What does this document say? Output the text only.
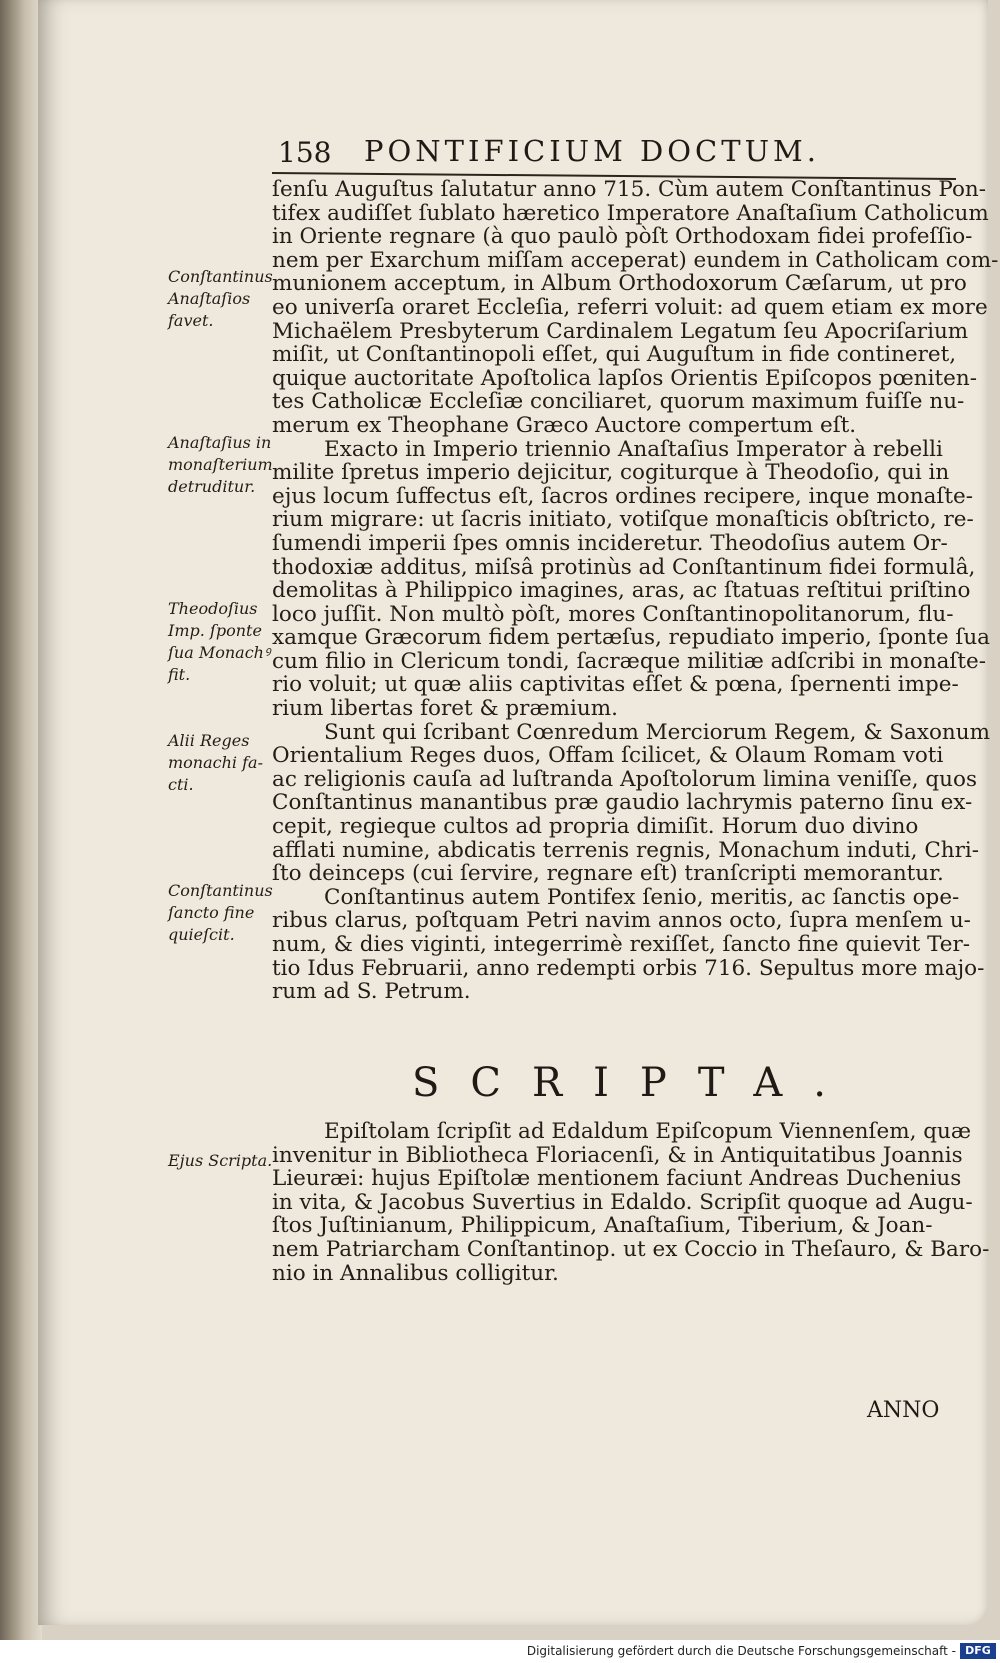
158 PONTIFICIUM DOCTUM.
ſenſu Auguſtus ſalutatur anno 715. Cùm autem Conſtantinus Pon-
tifex audiſſet ſublato hæretico Imperatore Anaſtaſium Catholicum
in Oriente regnare (à quo paulò pòſt Orthodoxam fidei profeſſio-
nem per Exarchum miſſam acceperat) eundem in Catholicam com-
munionem acceptum, in Album Orthodoxorum Cæſarum, ut pro
eo univerſa oraret Eccleſia, referri voluit: ad quem etiam ex more
Michaëlem Presbyterum Cardinalem Legatum ſeu Apocriſarium
miſit, ut Conſtantinopoli eſſet, qui Auguſtum in fide contineret,
quique auctoritate Apoſtolica lapſos Orientis Epiſcopos pœniten-
tes Catholicæ Eccleſiæ conciliaret, quorum maximum fuiſſe nu-
merum ex Theophane Græco Auctore compertum eſt.
Exacto in Imperio triennio Anaſtaſius Imperator à rebelli
milite ſpretus imperio dejicitur, cogiturque à Theodoſio, qui in
ejus locum ſuffectus eſt, ſacros ordines recipere, inque monaſte-
rium migrare: ut ſacris initiato, votiſque monaſticis obſtricto, re-
ſumendi imperii ſpes omnis incideretur. Theodoſius autem Or-
thodoxiæ additus, miſsâ protinùs ad Conſtantinum fidei formulâ,
demolitas à Philippico imagines, aras, ac ſtatuas reſtitui priſtino
loco juſſit. Non multò pòſt, mores Conſtantinopolitanorum, flu-
xamque Græcorum fidem pertæſus, repudiato imperio, ſponte ſua
cum filio in Clericum tondi, ſacræque militiæ adſcribi in monaſte-
rio voluit; ut quæ aliis captivitas eſſet & pœna, ſpernenti impe-
rium libertas foret & præmium.
Sunt qui ſcribant Cœnredum Merciorum Regem, & Saxonum
Orientalium Reges duos, Offam ſcilicet, & Olaum Romam voti
ac religionis cauſa ad luſtranda Apoſtolorum limina veniſſe, quos
Conſtantinus manantibus præ gaudio lachrymis paterno ſinu ex-
cepit, regieque cultos ad propria dimiſit. Horum duo divino
afflati numine, abdicatis terrenis regnis, Monachum induti, Chri-
ſto deinceps (cui ſervire, regnare eſt) tranſcripti memorantur.
Conſtantinus autem Pontifex ſenio, meritis, ac ſanctis ope-
ribus clarus, poſtquam Petri navim annos octo, ſupra menſem u-
num, & dies viginti, integerrimè rexiſſet, ſancto fine quievit Ter-
tio Idus Februarii, anno redempti orbis 716. Sepultus more majo-
rum ad S. Petrum.
Conſtantinus
Anaſtaſios
favet.
Anaſtaſius in
monaſterium
detruditur.
Theodoſius
Imp. ſponte
ſua Monachꝰ
fit.
Alii Reges
monachi fa-
cti.
Conſtantinus
ſancto fine
quieſcit.
Ejus Scripta.
SCRIPTA.
Epiſtolam ſcripſit ad Edaldum Epiſcopum Viennenſem, quæ
invenitur in Bibliotheca Floriacenſi, & in Antiquitatibus Joannis
Lieuræi: hujus Epiſtolæ mentionem faciunt Andreas Duchenius
in vita, & Jacobus Suvertius in Edaldo. Scripſit quoque ad Augu-
ſtos Juſtinianum, Philippicum, Anaſtaſium, Tiberium, & Joan-
nem Patriarcham Conſtantinop. ut ex Coccio in Theſauro, & Baro-
nio in Annalibus colligitur.
ANNO
Digitalisierung gefördert durch die Deutsche Forschungsgemeinschaft - DFG
